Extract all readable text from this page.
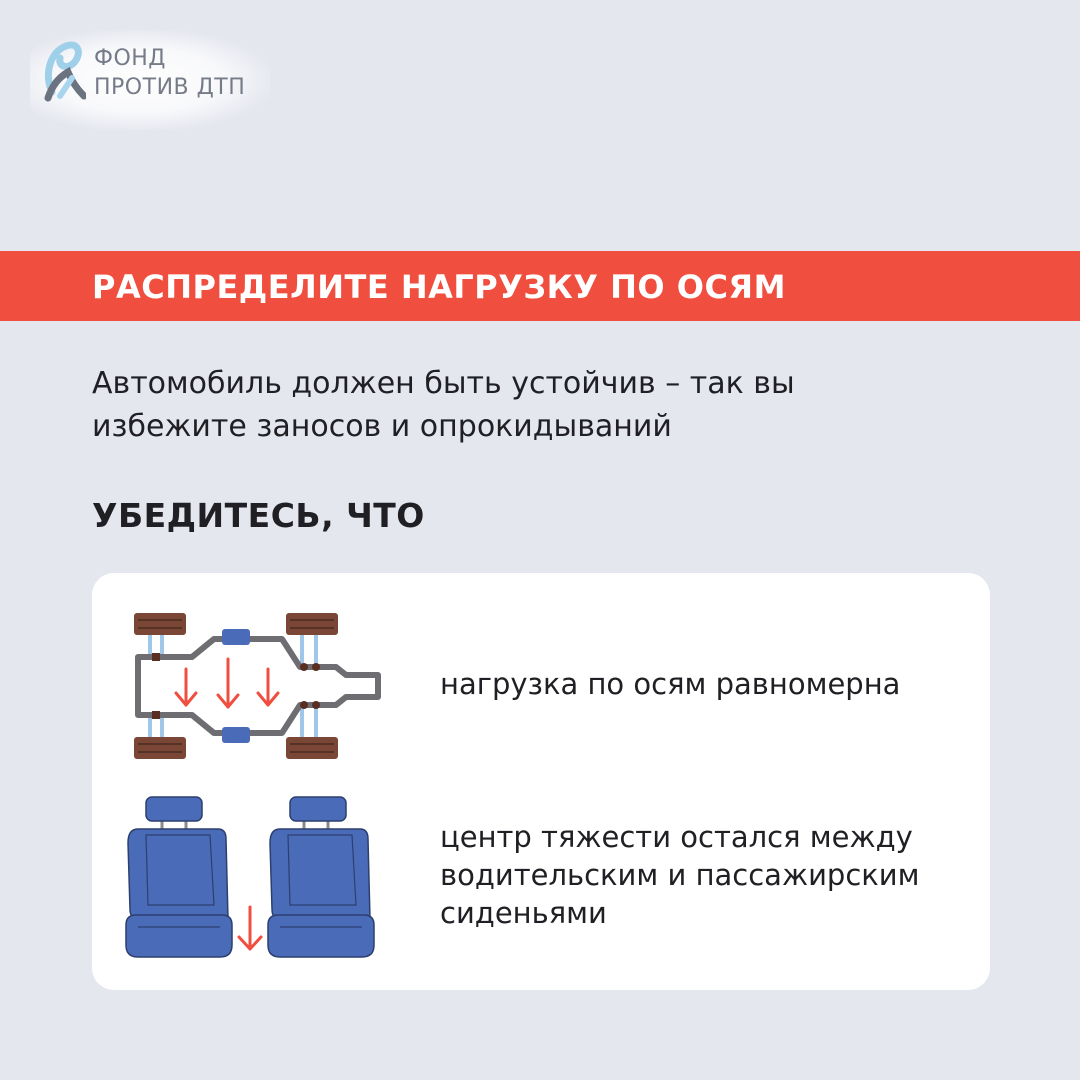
ФОНД
ПРОТИВ ДТП
РАСПРЕДЕЛИТЕ НАГРУЗКУ ПО ОСЯМ
Автомобиль должен быть устойчив – так вы
избежите заносов и опрокидываний
УБЕДИТЕСЬ, ЧТО
нагрузка по осям равномерна
центр тяжести остался между
водительским и пассажирским
сиденьями
